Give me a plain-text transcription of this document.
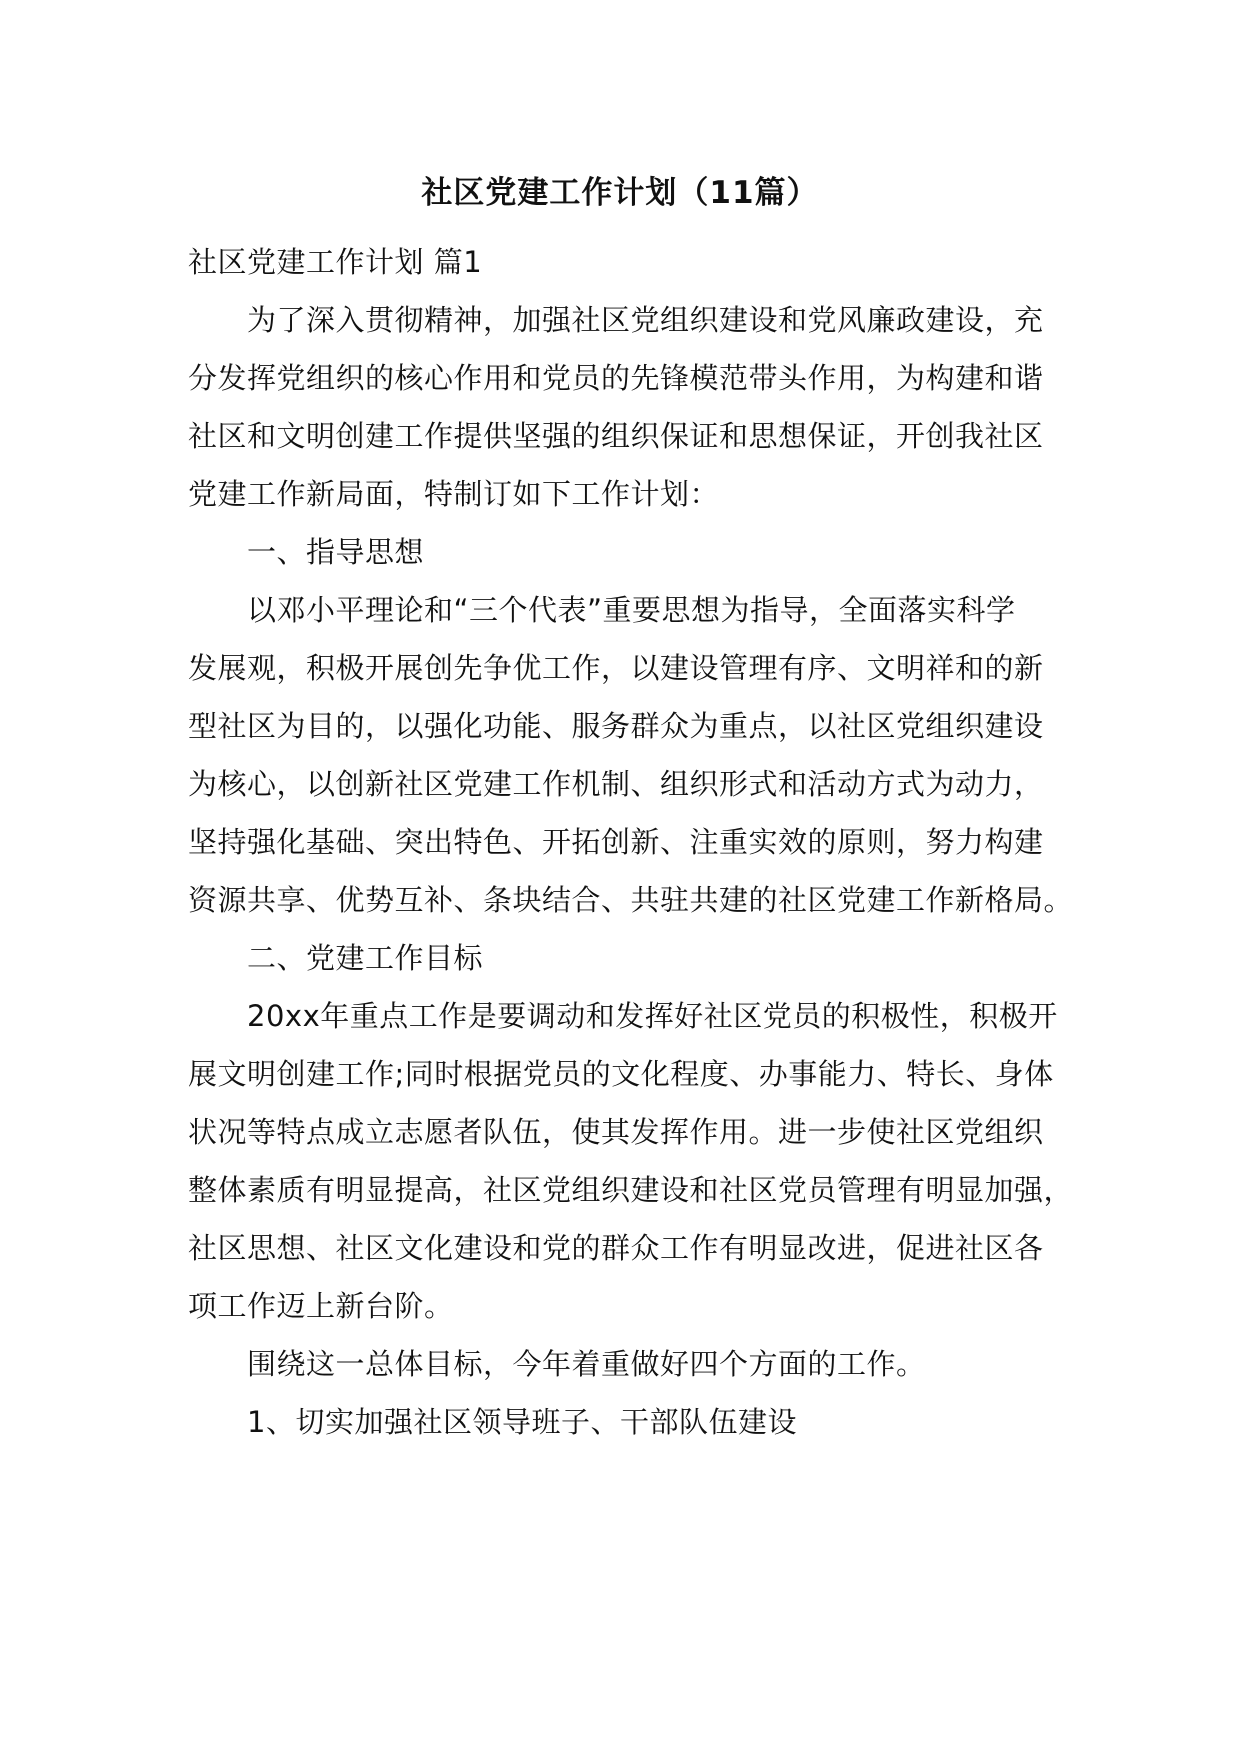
社区党建工作计划（11篇）

社区党建工作计划 篇1

为了深入贯彻精神，加强社区党组织建设和党风廉政建设，充

分发挥党组织的核心作用和党员的先锋模范带头作用，为构建和谐

社区和文明创建工作提供坚强的组织保证和思想保证，开创我社区

党建工作新局面，特制订如下工作计划：

一、指导思想

以邓小平理论和“三个代表”重要思想为指导，全面落实科学

发展观，积极开展创先争优工作，以建设管理有序、文明祥和的新

型社区为目的，以强化功能、服务群众为重点，以社区党组织建设

为核心，以创新社区党建工作机制、组织形式和活动方式为动力，

坚持强化基础、突出特色、开拓创新、注重实效的原则，努力构建

资源共享、优势互补、条块结合、共驻共建的社区党建工作新格局。

二、党建工作目标

20xx年重点工作是要调动和发挥好社区党员的积极性，积极开

展文明创建工作;同时根据党员的文化程度、办事能力、特长、身体

状况等特点成立志愿者队伍，使其发挥作用。进一步使社区党组织

整体素质有明显提高，社区党组织建设和社区党员管理有明显加强，

社区思想、社区文化建设和党的群众工作有明显改进，促进社区各

项工作迈上新台阶。

围绕这一总体目标，今年着重做好四个方面的工作。

1、切实加强社区领导班子、干部队伍建设
